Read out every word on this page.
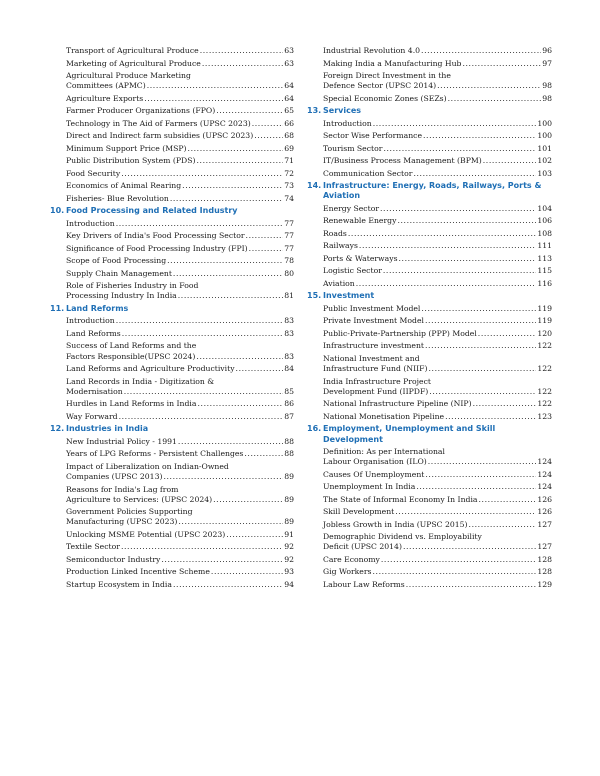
Transport of Agricultural Produce .....	63
Marketing of Agricultural Produce .....	63
Agricultural Produce Marketing
Committees (APMC) .....	64
Agriculture Exports .....	64
Farmer Producer Organizations (FPO) .....	65
Technology in The Aid of Farmers (UPSC 2023) .....	66
Direct and Indirect farm subsidies (UPSC 2023) .....	68
Minimum Support Price (MSP) .....	69
Public Distribution System (PDS) .....	71
Food Security .....	72
Economics of Animal Rearing .....	73
Fisheries- Blue Revolution .....	74
10. Food Processing and Related Industry
Introduction .....	77
Key Drivers of India's Food Processing Sector .....	77
Significance of Food Processing Industry (FPI) .....	77
Scope of Food Processing .....	78
Supply Chain Management .....	80
Role of Fisheries Industry in Food
Processing Industry In India .....	81
11. Land Reforms
Introduction .....	83
Land Reforms .....	83
Success of Land Reforms and the
Factors Responsible(UPSC 2024) .....	83
Land Reforms and Agriculture Productivity .....	84
Land Records in India - Digitization &
Modernisation .....	85
Hurdles in Land Reforms in India .....	86
Way Forward .....	87
12. Industries in India
New Industrial Policy - 1991 .....	88
Years of LPG Reforms - Persistent Challenges .....	88
Impact of Liberalization on Indian-Owned
Companies (UPSC 2013) .....	89
Reasons for India's Lag from
Agriculture to Services: (UPSC 2024) .....	89
Government Policies Supporting
Manufacturing (UPSC 2023) .....	89
Unlocking MSME Potential (UPSC 2023) .....	91
Textile Sector .....	92
Semiconductor Industry .....	92
Production Linked Incentive Scheme .....	93
Startup Ecosystem in India .....	94
Industrial Revolution 4.0 .....	96
Making India a Manufacturing Hub .....	97
Foreign Direct Investment in the
Defence Sector (UPSC 2014) .....	98
Special Economic Zones (SEZs) .....	98
13. Services
Introduction .....	100
Sector Wise Performance .....	100
Tourism Sector .....	101
IT/Business Process Management (BPM) .....	102
Communication Sector .....	103
14. Infrastructure: Energy, Roads, Railways, Ports & Aviation
Energy Sector .....	104
Renewable Energy .....	106
Roads .....	108
Railways .....	111
Ports & Waterways .....	113
Logistic Sector .....	115
Aviation .....	116
15. Investment
Public Investment Model .....	119
Private Investment Model .....	119
Public-Private-Partnership (PPP) Model .....	120
Infrastructure investment .....	122
National Investment and
Infrastructure Fund (NIIF) .....	122
India Infrastructure Project
Development Fund (IIPDF) .....	122
National Infrastructure Pipeline (NIP) .....	122
National Monetisation Pipeline .....	123
16. Employment, Unemployment and Skill Development
Definition: As per International
Labour Organisation (ILO) .....	124
Causes Of Unemployment .....	124
Unemployment In India .....	124
The State of Informal Economy In India .....	126
Skill Development .....	126
Jobless Growth in India (UPSC 2015) .....	127
Demographic Dividend vs. Employability
Deficit (UPSC 2014) .....	127
Care Economy .....	128
Gig Workers .....	128
Labour Law Reforms .....	129
